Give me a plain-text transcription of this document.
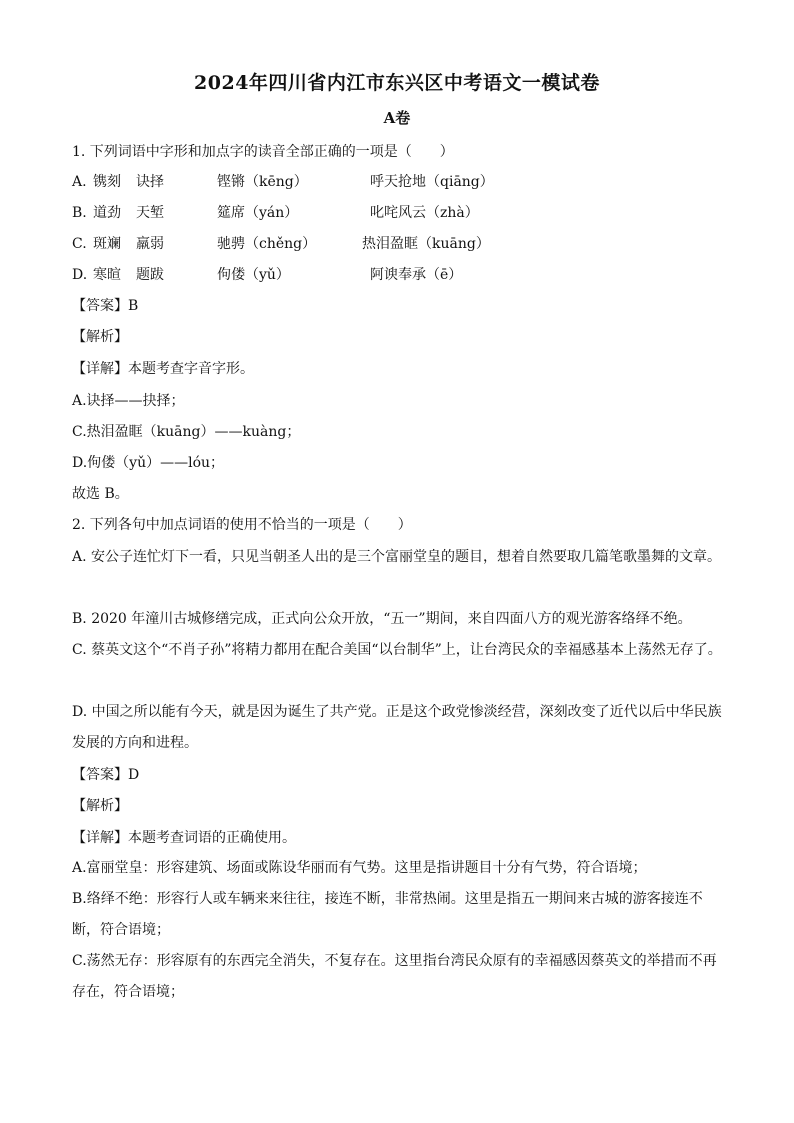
2024年四川省内江市东兴区中考语文一模试卷
A卷
1. 下列词语中字形和加点字的读音全部正确的一项是（　　）
A. 镌刻 诀择	铿锵（kēng）	呼天抢地（qiāng）
B. 道劲 天堑	筵席（yán）	叱咤风云（zhà）
C. 斑斓 羸弱	驰骋（chěng）	热泪盈眶（kuāng）
D. 寒暄 题跋	佝偻（yǔ）	阿谀奉承（ē）
【答案】B
【解析】
【详解】本题考查字音字形。
A.诀择——抉择；
C.热泪盈眶（kuāng）——kuàng；
D.佝偻（yǔ）——lóu；
故选 B。
2. 下列各句中加点词语的使用不恰当的一项是（　　）
A. 安公子连忙灯下一看，只见当朝圣人出的是三个富丽堂皇的题目，想着自然要取几篇笔歌墨舞的文章。
B. 2020 年潼川古城修缮完成，正式向公众开放，“五一”期间，来自四面八方的观光游客络绎不绝。
C. 蔡英文这个“不肖子孙”将精力都用在配合美国“以台制华”上，让台湾民众的幸福感基本上荡然无存了。
D. 中国之所以能有今天，就是因为诞生了共产党。正是这个政党惨淡经营，深刻改变了近代以后中华民族发展的方向和进程。
【答案】D
【解析】
【详解】本题考查词语的正确使用。
A.富丽堂皇：形容建筑、场面或陈设华丽而有气势。这里是指讲题目十分有气势，符合语境；
B.络绎不绝：形容行人或车辆来来往往，接连不断，非常热闹。这里是指五一期间来古城的游客接连不断，符合语境；
C.荡然无存：形容原有的东西完全消失，不复存在。这里指台湾民众原有的幸福感因蔡英文的举措而不再存在，符合语境；
